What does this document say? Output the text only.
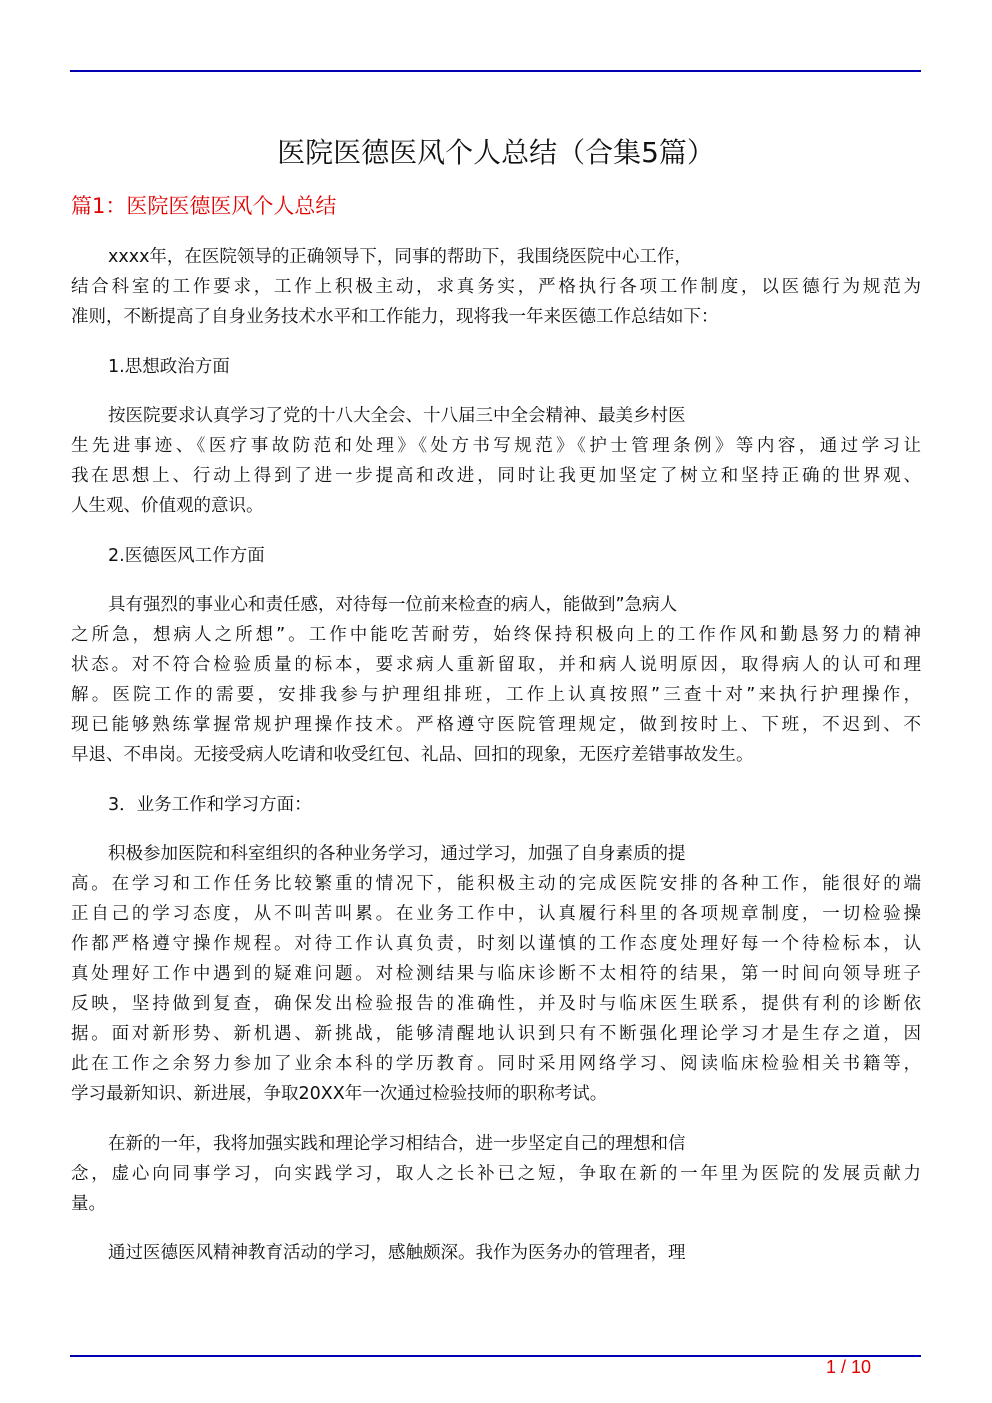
医院医德医风个人总结（合集5篇）
篇1：医院医德医风个人总结
xxxx年，在医院领导的正确领导下，同事的帮助下，我围绕医院中心工作，
结合科室的工作要求，工作上积极主动，求真务实，严格执行各项工作制度，以医德行为规范为
准则，不断提高了自身业务技术水平和工作能力，现将我一年来医德工作总结如下：
1.思想政治方面
按医院要求认真学习了党的十八大全会、十八届三中全会精神、最美乡村医
生先进事迹、《医疗事故防范和处理》《处方书写规范》《护士管理条例》等内容，通过学习让
我在思想上、行动上得到了进一步提高和改进，同时让我更加坚定了树立和坚持正确的世界观、
人生观、价值观的意识。
2.医德医风工作方面
具有强烈的事业心和责任感，对待每一位前来检查的病人，能做到”急病人
之所急，想病人之所想”。工作中能吃苦耐劳，始终保持积极向上的工作作风和勤恳努力的精神
状态。对不符合检验质量的标本，要求病人重新留取，并和病人说明原因，取得病人的认可和理
解。医院工作的需要，安排我参与护理组排班，工作上认真按照”三查十对”来执行护理操作，
现已能够熟练掌握常规护理操作技术。严格遵守医院管理规定，做到按时上、下班，不迟到、不
早退、不串岗。无接受病人吃请和收受红包、礼品、回扣的现象，无医疗差错事故发生。
3．业务工作和学习方面：
积极参加医院和科室组织的各种业务学习，通过学习，加强了自身素质的提
高。在学习和工作任务比较繁重的情况下，能积极主动的完成医院安排的各种工作，能很好的端
正自己的学习态度，从不叫苦叫累。在业务工作中，认真履行科里的各项规章制度，一切检验操
作都严格遵守操作规程。对待工作认真负责，时刻以谨慎的工作态度处理好每一个待检标本，认
真处理好工作中遇到的疑难问题。对检测结果与临床诊断不太相符的结果，第一时间向领导班子
反映，坚持做到复查，确保发出检验报告的准确性，并及时与临床医生联系，提供有利的诊断依
据。面对新形势、新机遇、新挑战，能够清醒地认识到只有不断强化理论学习才是生存之道，因
此在工作之余努力参加了业余本科的学历教育。同时采用网络学习、阅读临床检验相关书籍等，
学习最新知识、新进展，争取20XX年一次通过检验技师的职称考试。
在新的一年，我将加强实践和理论学习相结合，进一步坚定自己的理想和信
念，虚心向同事学习，向实践学习，取人之长补已之短，争取在新的一年里为医院的发展贡献力
量。
通过医德医风精神教育活动的学习，感触颇深。我作为医务办的管理者，理
1 / 10
